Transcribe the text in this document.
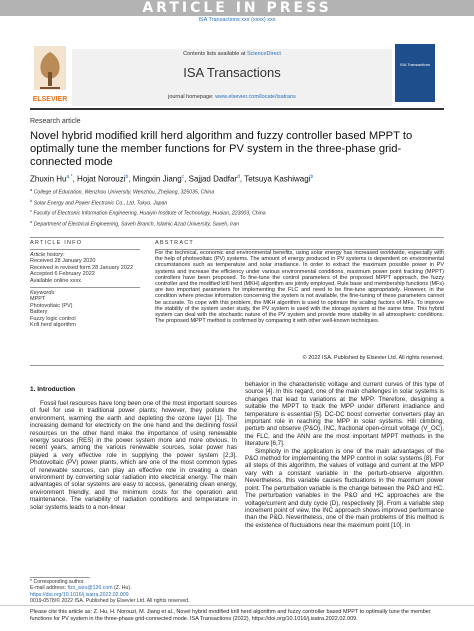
ARTICLE IN PRESS
ISA Transactions xxx (xxxx) xxx
ELSEVIER
Contents lists available at ScienceDirect
ISA Transactions
journal homepage: www.elsevier.com/locate/isatrans
ISA Transactions
Research article
Novel hybrid modified krill herd algorithm and fuzzy controller based MPPT to optimally tune the member functions for PV system in the three-phase grid-connected mode
Zhuxin $Hu^{a,*}$, Hojat Norouzi$^b$, Mingxin Jiang$^c$, Sajjad Dadfar$^d$, Tetsuya Kashiwagi$^b$
$^a$ College of Education, Wenzhou University, Wenzhou, Zhejiang, 325035, China
$^b$ Solar Energy and Power Electronic Co., Ltd, Tokyo, Japan
$^c$ Faculty of Electronic Information Engineering, Huaiyin Institute of Technology, Huaian, 223003, China
$^d$ Department of Electrical Engineering, Saveh Branch, Islamic Azad University, Saveh, Iran
ARTICLE INFO
Article history:
Received 28 January 2020
Received in revised form 28 January 2022
Accepted 6 February 2022
Available online xxxx
Keywords:
MPPT
Photovoltaic (PV)
Battery
Fuzzy logic control
Krill herd algorithm
ABSTRACT
For the technical, economic and environmental benefits, using solar energy has increased worldwide, especially with the help of photovoltaic (PV) systems. The amount of energy produced in PV systems is dependent on environmental circumstances such as temperature and solar irradiance. In order to extract the maximum possible power in PV systems and increase the efficiency under various environmental conditions, maximum power point tracking (MPPT) controllers have been proposed. To fine-tune the control parameters of the proposed MPPT approach, the fuzzy controller and the modified krill herd (MKH) algorithm are jointly employed. Rule base and membership functions (MFs) are two important parameters for implementing the FLC and need to be fine-tune appropriately. However, in the condition where precise information concerning the system is not available, the fine-tuning of these parameters cannot be accurate. To cope with this problem, the MKH algorithm is used to optimize the scaling factors of MFs. To improve the stability of the system under study, the PV system is used with the storage system at the same time. This hybrid system can deal with the stochastic nature of the PV system and provide more stability in all atmospheric conditions. The proposed MPPT method is confirmed by comparing it with other well-known techniques.
© 2022 ISA. Published by Elsevier Ltd. All rights reserved.
1. Introduction

Fossil fuel resources have long been one of the most important sources of fuel for use in traditional power plants; however, they pollute the environment, warming the earth and depleting the ozone layer [1]. The increasing demand for electricity on the one hand and the declining fossil resources on the other hand make the importance of using renewable energy sources (RES) in the power system more and more obvious. In recent years, among the various renewable sources, solar power has played a very effective role in supplying the power system [2,3]. Photovoltaic (PV) power plants, which are one of the most common types of renewable sources, can play an effective role in creating a clean environment by converting solar radiation into electrical energy. The main advantages of solar systems are easy to access, generating clean energy, environment friendly, and the minimum costs for the operation and maintenance. The variability of radiation conditions and temperature in solar systems leads to a non-linear

behavior in the characteristic voltage and current curves of this type of source [4]. In this regard, one of the main challenges in solar systems is changes that lead to variations at the MPP. Therefore, designing a suitable the MPPT to track the MPP under different irradiance and temperature is essential [5]. DC-DC boost converter converters play an important role in reaching the MPP in solar systems. Hill climbing, perturb and observe (P&O), INC, fractional open-circuit voltage (V_OC), the FLC, and the ANN are the most important MPPT methods in the literature [6,7].

Simplicity in the application is one of the main advantages of the P&O method for implementing the MPP control in solar systems [8]. For all steps of this algorithm, the values of voltage and current at the MPP vary with a constant variable in the perturb-observe algorithm. Nevertheless, this variable causes fluctuations in the maximum power point. The perturbation variable is the change between the P&O and HC. The perturbation variables in the P&O and HC approaches are the voltage/current and duty cycle (D), respectively [9]. From a variable step increment point of view, the INC approach shows improved performance than the P&O. Nevertheless, one of the main problems of this method is the existence of fluctuations near the maximum point [10]. In

* Corresponding author.
E-mail address: fizx_wzu@126.com (Z. Hu).
https://doi.org/10.1016/j.isatra.2022.02.009
0019-0578/© 2022 ISA. Published by Elsevier Ltd. All rights reserved.
Please cite this article as: Z. Hu, H. Norouzi, M. Jiang et al., Novel hybrid modified krill herd algorithm and fuzzy controller based MPPT to optimally tune the member functions for PV system in the three-phase grid-connected mode. ISA Transactions (2022), https://doi.org/10.1016/j.isatra.2022.02.009.
